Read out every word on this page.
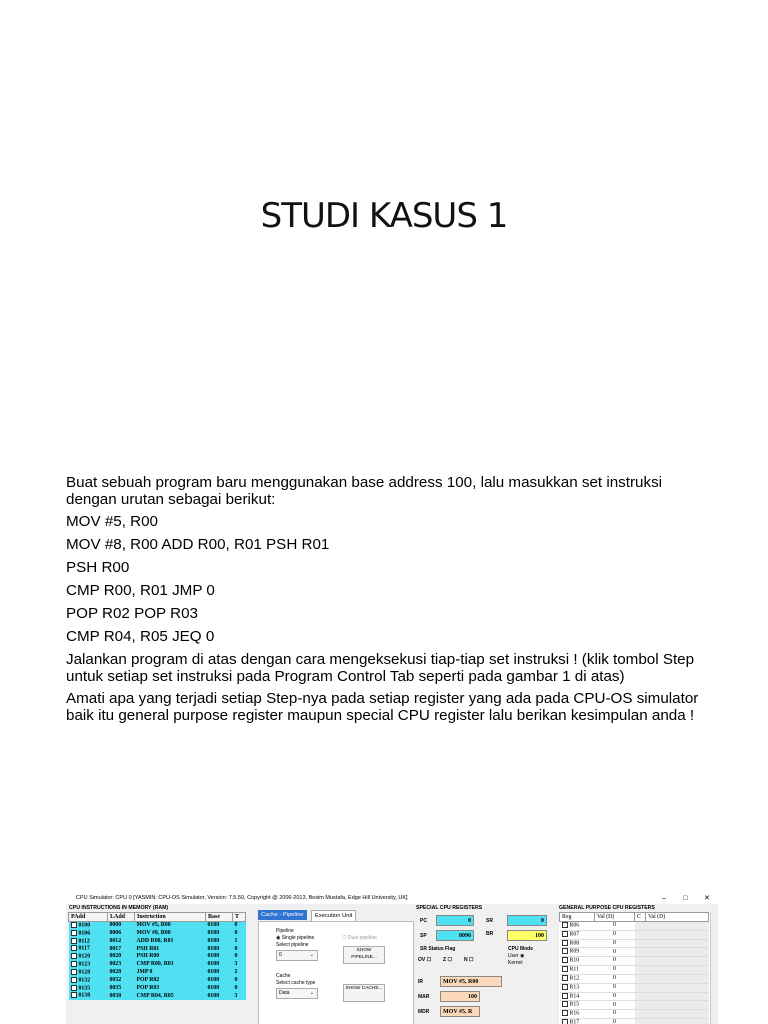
STUDI KASUS 1
Buat sebuah program baru menggunakan base address 100, lalu masukkan set instruksi dengan urutan sebagai berikut:
MOV #5, R00
MOV #8, R00 ADD R00, R01 PSH R01
PSH R00
CMP R00, R01 JMP 0
POP R02 POP R03
CMP R04, R05 JEQ 0
Jalankan program di atas dengan cara mengeksekusi tiap-tiap set instruksi ! (klik tombol Step untuk setiap set instruksi pada Program Control Tab seperti pada gambar 1 di atas)
Amati apa yang terjadi setiap Step-nya pada setiap register yang ada pada CPU-OS simulator baik itu general purpose register maupun special CPU register lalu berikan kesimpulan anda !
CPU Simulator: CPU 0 [YASMIN: CPU-OS Simulator, Version: 7.5.50, Copyright @ 2006-2013, Besim Mustafa, Edge Hill University, UK]	– □ ✕
CPU INSTRUCTIONS IN MEMORY (RAM)
PAdd	LAdd	Instruction	Base	T
0100	0000	MOV #5, R00	0100	0
0106	0006	MOV #8, R00	0100	0
0112	0012	ADD R00, R01	0100	1
0117	0017	PSH R01	0100	0
0120	0020	PSH R00	0100	0
0123	0023	CMP R00, R01	0100	3
0128	0028	JMP 0	0100	2
0132	0032	POP R02	0100	0
0135	0035	POP R03	0100	0
0138	0038	CMP R04, R05	0100	3
Cache - Pipeline	Execution Unit
Pipeline
◉ Single pipeline	☐ Dual pipeline
Select pipeline
0	⌄
SHOW PIPELINE...
Cache
Select cache type
Data	⌄
SHOW CACHE...
SPECIAL CPU REGISTERS
PC	0	SR	0
SP	8096	BR	100
SR Status Flag
OV ☐ Z ☐ N ☐
CPU Mode
User ◉
Kernel
IR	MOV #5, R00
MAR	100
MDR	MOV #5, R
GENERAL PURPOSE CPU REGISTERS
Reg	Val (D)	C	Val (D)
R06	0		
R07	0		
R08	0		
R09	0		
R10	0		
R11	0		
R12	0		
R13	0		
R14	0		
R15	0		
R16	0		
R17	0		
